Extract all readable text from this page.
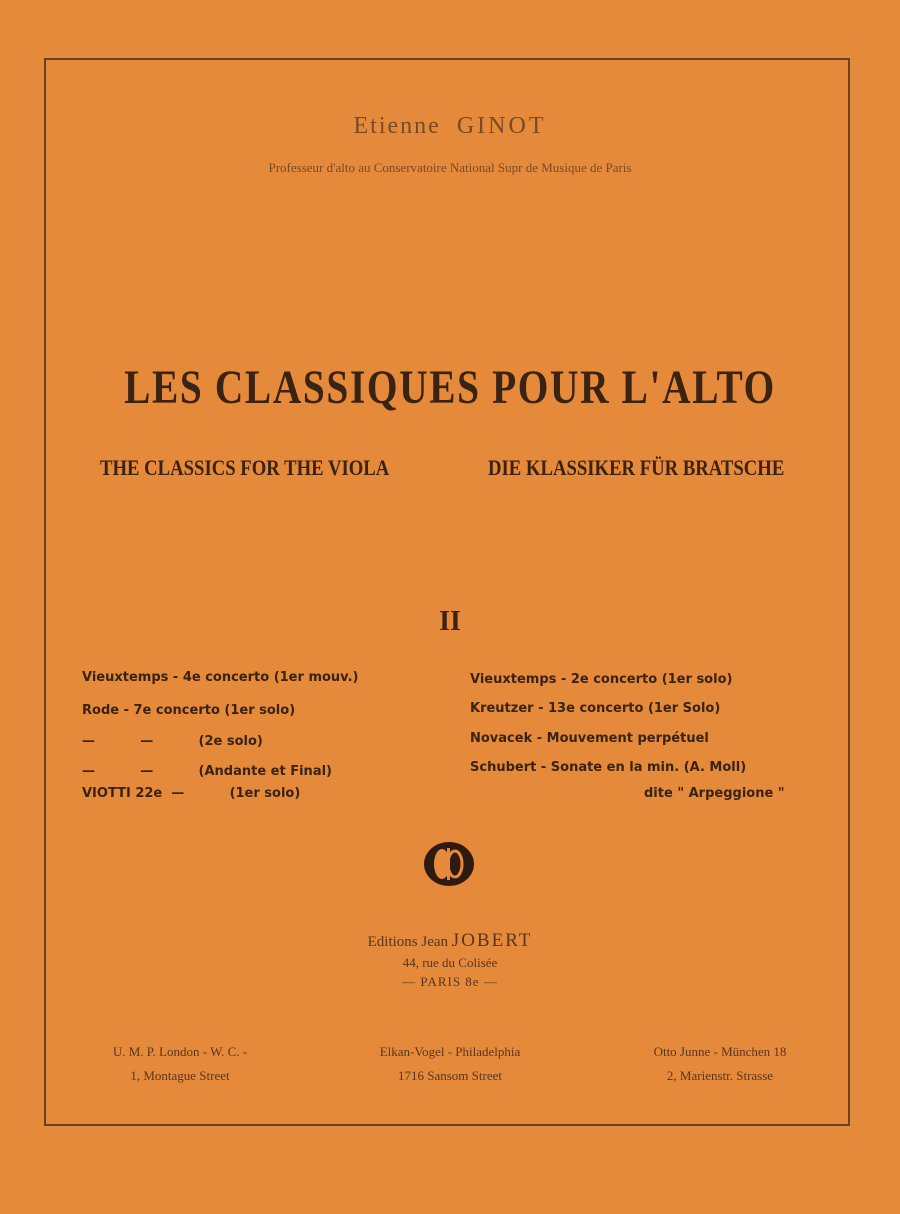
Etienne GINOT
Professeur d'alto au Conservatoire National Supr de Musique de Paris
LES CLASSIQUES POUR L'ALTO
THE CLASSICS FOR THE VIOLA	DIE KLASSIKER FÜR BRATSCHE
II
Vieuxtemps - 4e concerto (1er mouv.)
Rode - 7e concerto (1er solo)
—          —          (2e solo)
—          —          (Andante et Final)
VIOTTI 22e  —          (1er solo)
Vieuxtemps - 2e concerto (1er solo)
Kreutzer - 13e concerto (1er Solo)
Novacek - Mouvement perpétuel
Schubert - Sonate en la min. (A. Moll)
dite " Arpeggione "
Editions Jean JOBERT
44, rue du Colisée
— PARIS 8e —
U. M. P. London - W. C. -
1, Montague Street
Elkan-Vogel - Philadelphia
1716 Sansom Street
Otto Junne - München 18
2, Marienstr. Strasse
